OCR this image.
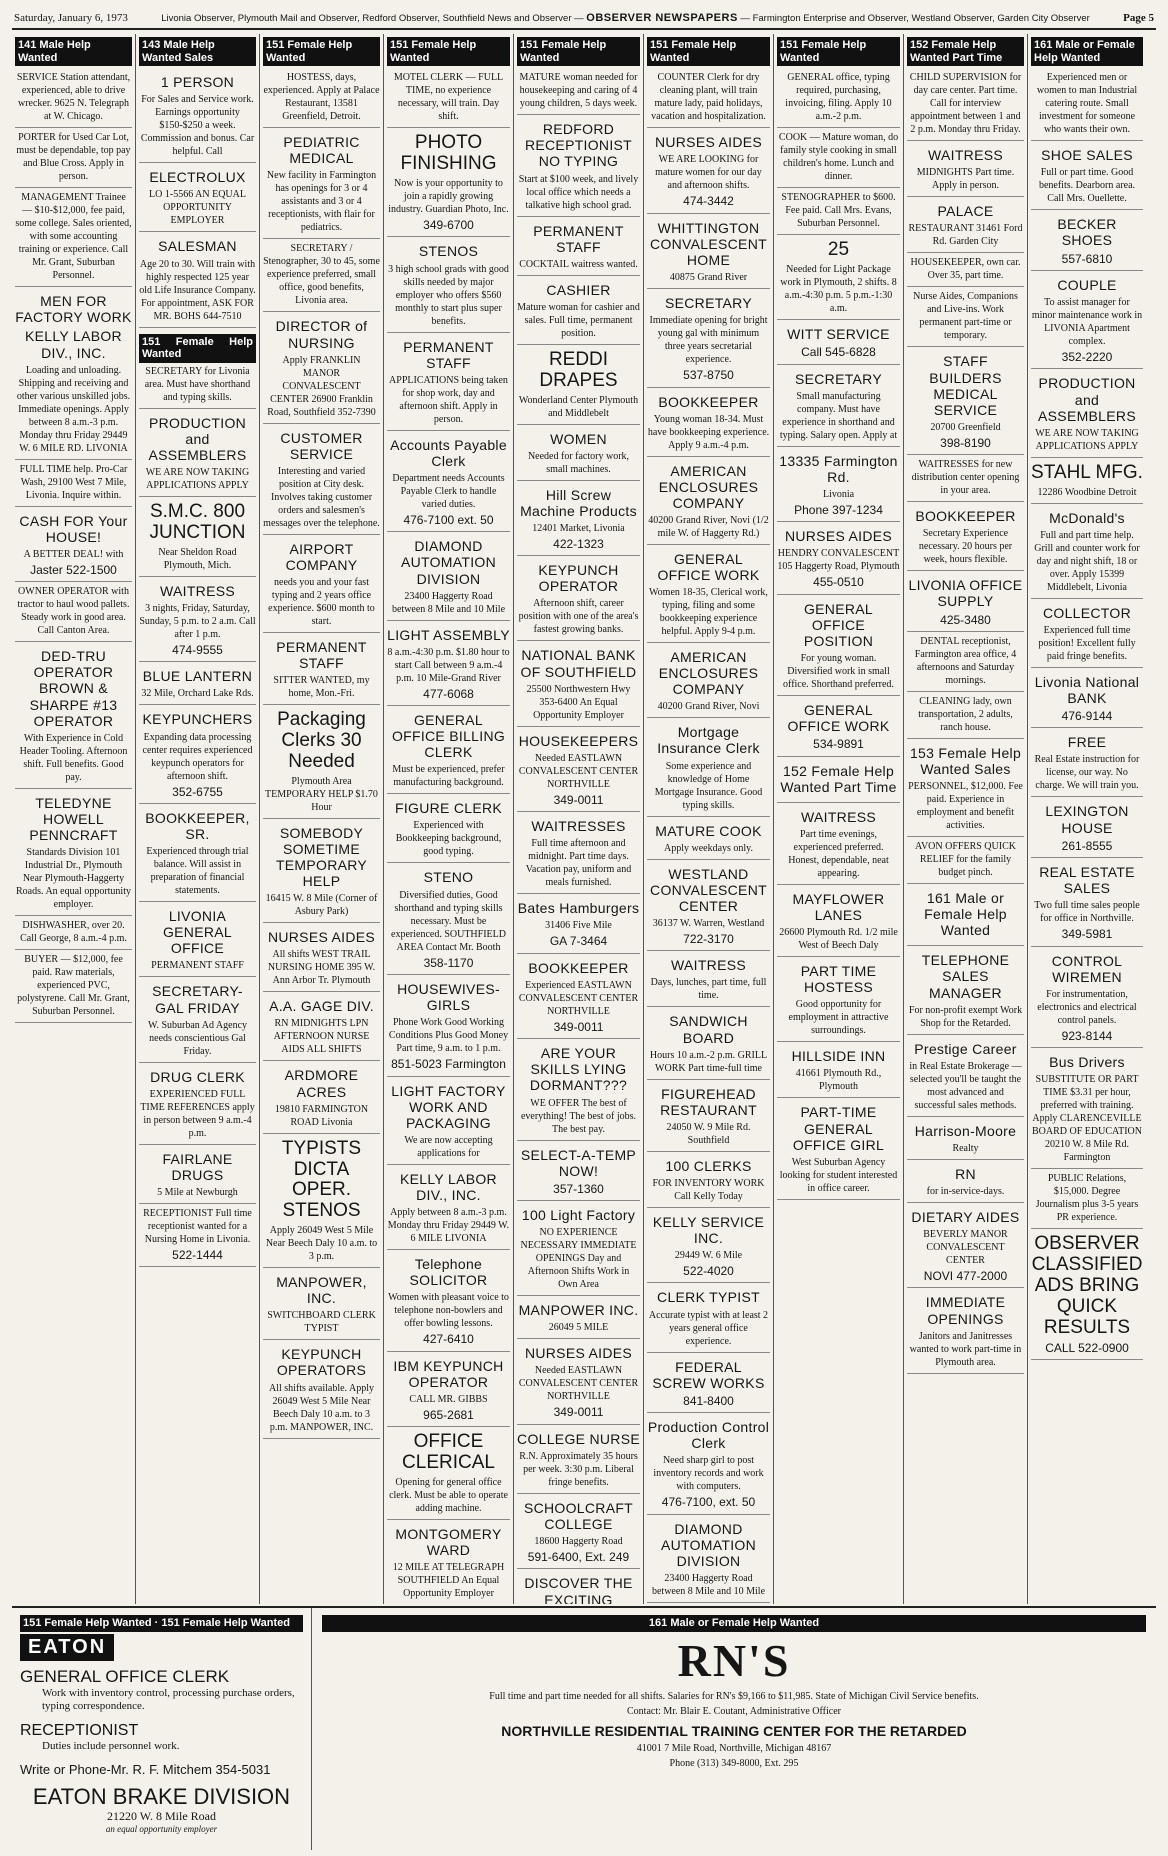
Saturday, January 6, 1973	Livonia Observer, Plymouth Mail and Observer, Redford Observer, Southfield News and Observer — OBSERVER NEWSPAPERS — Farmington Enterprise and Observer, Westland Observer, Garden City Observer	Page 5
141 Male Help Wanted
SERVICE Station attendant, experienced, able to drive wrecker. 9625 N. Telegraph at W. Chicago.
PORTER for Used Car Lot, must be dependable, top pay and Blue Cross. Apply in person.
MANAGEMENT Trainee — $10-$12,000, fee paid, some college. Sales oriented, with some accounting training or experience. Call Mr. Grant, Suburban Personnel.
MEN FOR FACTORY WORK
KELLY LABOR DIV., INC.
Loading and unloading. Shipping and receiving and other various unskilled jobs. Immediate openings. Apply between 8 a.m.-3 p.m. Monday thru Friday 29449 W. 6 MILE RD. LIVONIA
FULL TIME help. Pro-Car Wash, 29100 West 7 Mile, Livonia. Inquire within.
CASH FOR Your HOUSE!
A BETTER DEAL! with
Jaster 522-1500
OWNER OPERATOR with tractor to haul wood pallets. Steady work in good area. Call Canton Area.
DED-TRU OPERATOR BROWN & SHARPE #13 OPERATOR
With Experience in Cold Header Tooling. Afternoon shift. Full benefits. Good pay.
TELEDYNE HOWELL PENNCRAFT
Standards Division 101 Industrial Dr., Plymouth Near Plymouth-Haggerty Roads. An equal opportunity employer.
DISHWASHER, over 20. Call George, 8 a.m.-4 p.m.
BUYER — $12,000, fee paid. Raw materials, experienced PVC, polystyrene. Call Mr. Grant, Suburban Personnel.
143 Male Help Wanted Sales
1 PERSON
For Sales and Service work. Earnings opportunity $150-$250 a week. Commission and bonus. Car helpful. Call
ELECTROLUX
LO 1-5566 AN EQUAL OPPORTUNITY EMPLOYER
SALESMAN
Age 20 to 30. Will train with highly respected 125 year old Life Insurance Company. For appointment, ASK FOR MR. BOHS 644-7510
151 Female Help Wanted
SECRETARY for Livonia area. Must have shorthand and typing skills.
PRODUCTION and ASSEMBLERS
WE ARE NOW TAKING APPLICATIONS APPLY
S.M.C. 800 JUNCTION
Near Sheldon Road Plymouth, Mich.
WAITRESS
3 nights, Friday, Saturday, Sunday, 5 p.m. to 2 a.m. Call after 1 p.m.
474-9555
BLUE LANTERN
32 Mile, Orchard Lake Rds.
KEYPUNCHERS
Expanding data processing center requires experienced keypunch operators for afternoon shift.
352-6755
BOOKKEEPER, SR.
Experienced through trial balance. Will assist in preparation of financial statements.
LIVONIA GENERAL OFFICE
PERMANENT STAFF
SECRETARY-GAL FRIDAY
W. Suburban Ad Agency needs conscientious Gal Friday.
DRUG CLERK
EXPERIENCED FULL TIME REFERENCES apply in person between 9 a.m.-4 p.m.
FAIRLANE DRUGS
5 Mile at Newburgh
RECEPTIONIST Full time receptionist wanted for a Nursing Home in Livonia.
522-1444
151 Female Help Wanted
HOSTESS, days, experienced. Apply at Palace Restaurant, 13581 Greenfield, Detroit.
PEDIATRIC MEDICAL
New facility in Farmington has openings for 3 or 4 assistants and 3 or 4 receptionists, with flair for pediatrics.
SECRETARY / Stenographer, 30 to 45, some experience preferred, small office, good benefits, Livonia area.
DIRECTOR of NURSING
Apply FRANKLIN MANOR CONVALESCENT CENTER 26900 Franklin Road, Southfield 352-7390
CUSTOMER SERVICE
Interesting and varied position at City desk. Involves taking customer orders and salesmen's messages over the telephone.
AIRPORT COMPANY
needs you and your fast typing and 2 years office experience. $600 month to start.
PERMANENT STAFF
SITTER WANTED, my home, Mon.-Fri.
Packaging Clerks 30 Needed
Plymouth Area TEMPORARY HELP $1.70 Hour
SOMEBODY SOMETIME TEMPORARY HELP
16415 W. 8 Mile (Corner of Asbury Park)
NURSES AIDES
All shifts WEST TRAIL NURSING HOME 395 W. Ann Arbor Tr. Plymouth
A.A. GAGE DIV.
RN MIDNIGHTS LPN AFTERNOON NURSE AIDS ALL SHIFTS
ARDMORE ACRES
19810 FARMINGTON ROAD Livonia
TYPISTS DICTA OPER. STENOS
Apply 26049 West 5 Mile Near Beech Daly 10 a.m. to 3 p.m.
MANPOWER, INC.
SWITCHBOARD CLERK TYPIST
KEYPUNCH OPERATORS
All shifts available. Apply 26049 West 5 Mile Near Beech Daly 10 a.m. to 3 p.m. MANPOWER, INC.
151 Female Help Wanted
MOTEL CLERK — FULL TIME, no experience necessary, will train. Day shift.
PHOTO FINISHING
Now is your opportunity to join a rapidly growing industry. Guardian Photo, Inc.
349-6700
STENOS
3 high school grads with good skills needed by major employer who offers $560 monthly to start plus super benefits.
PERMANENT STAFF
APPLICATIONS being taken for shop work, day and afternoon shift. Apply in person.
Accounts Payable Clerk
Department needs Accounts Payable Clerk to handle varied duties.
476-7100 ext. 50
DIAMOND AUTOMATION DIVISION
23400 Haggerty Road between 8 Mile and 10 Mile
LIGHT ASSEMBLY
8 a.m.-4:30 p.m. $1.80 hour to start Call between 9 a.m.-4 p.m. 10 Mile-Grand River
477-6068
GENERAL OFFICE BILLING CLERK
Must be experienced, prefer manufacturing background.
FIGURE CLERK
Experienced with Bookkeeping background, good typing.
STENO
Diversified duties, Good shorthand and typing skills necessary. Must be experienced. SOUTHFIELD AREA Contact Mr. Booth
358-1170
HOUSEWIVES-GIRLS
Phone Work Good Working Conditions Plus Good Money Part time, 9 a.m. to 1 p.m.
851-5023 Farmington
LIGHT FACTORY WORK AND PACKAGING
We are now accepting applications for
KELLY LABOR DIV., INC.
Apply between 8 a.m.-3 p.m. Monday thru Friday 29449 W. 6 MILE LIVONIA
Telephone SOLICITOR
Women with pleasant voice to telephone non-bowlers and offer bowling lessons.
427-6410
IBM KEYPUNCH OPERATOR
CALL MR. GIBBS
965-2681
OFFICE CLERICAL
Opening for general office clerk. Must be able to operate adding machine.
MONTGOMERY WARD
12 MILE AT TELEGRAPH SOUTHFIELD An Equal Opportunity Employer
151 Female Help Wanted
MATURE woman needed for housekeeping and caring of 4 young children, 5 days week.
REDFORD RECEPTIONIST NO TYPING
Start at $100 week, and lively local office which needs a talkative high school grad.
PERMANENT STAFF
COCKTAIL waitress wanted.
CASHIER
Mature woman for cashier and sales. Full time, permanent position.
REDDI DRAPES
Wonderland Center Plymouth and Middlebelt
WOMEN
Needed for factory work, small machines.
Hill Screw Machine Products
12401 Market, Livonia
422-1323
KEYPUNCH OPERATOR
Afternoon shift, career position with one of the area's fastest growing banks.
NATIONAL BANK OF SOUTHFIELD
25500 Northwestern Hwy 353-6400 An Equal Opportunity Employer
HOUSEKEEPERS
Needed EASTLAWN CONVALESCENT CENTER NORTHVILLE
349-0011
WAITRESSES
Full time afternoon and midnight. Part time days. Vacation pay, uniform and meals furnished.
Bates Hamburgers
31406 Five Mile
GA 7-3464
BOOKKEEPER
Experienced EASTLAWN CONVALESCENT CENTER NORTHVILLE
349-0011
ARE YOUR SKILLS LYING DORMANT???
WE OFFER The best of everything! The best of jobs. The best pay.
SELECT-A-TEMP NOW!
357-1360
100 Light Factory
NO EXPERIENCE NECESSARY IMMEDIATE OPENINGS Day and Afternoon Shifts Work in Own Area
MANPOWER INC.
26049 5 MILE
NURSES AIDES
Needed EASTLAWN CONVALESCENT CENTER NORTHVILLE
349-0011
COLLEGE NURSE
R.N. Approximately 35 hours per week. 3:30 p.m. Liberal fringe benefits.
SCHOOLCRAFT COLLEGE
18600 Haggerty Road
591-6400, Ext. 249
DISCOVER THE EXCITING
151 Female Help Wanted
COUNTER Clerk for dry cleaning plant, will train mature lady, paid holidays, vacation and hospitalization.
NURSES AIDES
WE ARE LOOKING for mature women for our day and afternoon shifts.
474-3442
WHITTINGTON CONVALESCENT HOME
40875 Grand River
SECRETARY
Immediate opening for bright young gal with minimum three years secretarial experience.
537-8750
BOOKKEEPER
Young woman 18-34. Must have bookkeeping experience. Apply 9 a.m.-4 p.m.
AMERICAN ENCLOSURES COMPANY
40200 Grand River, Novi (1/2 mile W. of Haggerty Rd.)
GENERAL OFFICE WORK
Women 18-35, Clerical work, typing, filing and some bookkeeping experience helpful. Apply 9-4 p.m.
AMERICAN ENCLOSURES COMPANY
40200 Grand River, Novi
Mortgage Insurance Clerk
Some experience and knowledge of Home Mortgage Insurance. Good typing skills.
MATURE COOK
Apply weekdays only.
WESTLAND CONVALESCENT CENTER
36137 W. Warren, Westland
722-3170
WAITRESS
Days, lunches, part time, full time.
SANDWICH BOARD
Hours 10 a.m.-2 p.m. GRILL WORK Part time-full time
FIGUREHEAD RESTAURANT
24050 W. 9 Mile Rd. Southfield
100 CLERKS
FOR INVENTORY WORK Call Kelly Today
KELLY SERVICE INC.
29449 W. 6 Mile
522-4020
CLERK TYPIST
Accurate typist with at least 2 years general office experience.
FEDERAL SCREW WORKS
841-8400
Production Control Clerk
Need sharp girl to post inventory records and work with computers.
476-7100, ext. 50
DIAMOND AUTOMATION DIVISION
23400 Haggerty Road between 8 Mile and 10 Mile
151 Female Help Wanted
GENERAL office, typing required, purchasing, invoicing, filing. Apply 10 a.m.-2 p.m.
COOK — Mature woman, do family style cooking in small children's home. Lunch and dinner.
STENOGRAPHER to $600. Fee paid. Call Mrs. Evans, Suburban Personnel.
25
Needed for Light Package work in Plymouth, 2 shifts. 8 a.m.-4:30 p.m. 5 p.m.-1:30 a.m.
WITT SERVICE
Call 545-6828
SECRETARY
Small manufacturing company. Must have experience in shorthand and typing. Salary open. Apply at
13335 Farmington Rd.
Livonia
Phone 397-1234
NURSES AIDES
HENDRY CONVALESCENT 105 Haggerty Road, Plymouth
455-0510
GENERAL OFFICE POSITION
For young woman. Diversified work in small office. Shorthand preferred.
GENERAL OFFICE WORK
534-9891
152 Female Help Wanted Part Time
WAITRESS
Part time evenings, experienced preferred. Honest, dependable, neat appearing.
MAYFLOWER LANES
26600 Plymouth Rd. 1/2 mile West of Beech Daly
PART TIME HOSTESS
Good opportunity for employment in attractive surroundings.
HILLSIDE INN
41661 Plymouth Rd., Plymouth
PART-TIME GENERAL OFFICE GIRL
West Suburban Agency looking for student interested in office career.
152 Female Help Wanted Part Time
CHILD SUPERVISION for day care center. Part time. Call for interview appointment between 1 and 2 p.m. Monday thru Friday.
WAITRESS
MIDNIGHTS Part time. Apply in person.
PALACE
RESTAURANT 31461 Ford Rd. Garden City
HOUSEKEEPER, own car. Over 35, part time.
Nurse Aides, Companions and Live-ins. Work permanent part-time or temporary.
STAFF BUILDERS MEDICAL SERVICE
20700 Greenfield
398-8190
WAITRESSES for new distribution center opening in your area.
BOOKKEEPER
Secretary Experience necessary. 20 hours per week, hours flexible.
LIVONIA OFFICE SUPPLY
425-3480
DENTAL receptionist, Farmington area office, 4 afternoons and Saturday mornings.
CLEANING lady, own transportation, 2 adults, ranch house.
153 Female Help Wanted Sales
PERSONNEL, $12,000. Fee paid. Experience in employment and benefit activities.
AVON OFFERS QUICK RELIEF for the family budget pinch.
161 Male or Female Help Wanted
TELEPHONE SALES MANAGER
For non-profit exempt Work Shop for the Retarded.
Prestige Career
in Real Estate Brokerage — selected you'll be taught the most advanced and successful sales methods.
Harrison-Moore
Realty
RN
for in-service-days.
DIETARY AIDES
BEVERLY MANOR CONVALESCENT CENTER
NOVI 477-2000
IMMEDIATE OPENINGS
Janitors and Janitresses wanted to work part-time in Plymouth area.
161 Male or Female Help Wanted
Experienced men or women to man Industrial catering route. Small investment for someone who wants their own.
SHOE SALES
Full or part time. Good benefits. Dearborn area. Call Mrs. Ouellette.
BECKER SHOES
557-6810
COUPLE
To assist manager for minor maintenance work in LIVONIA Apartment complex.
352-2220
PRODUCTION and ASSEMBLERS
WE ARE NOW TAKING APPLICATIONS APPLY
STAHL MFG.
12286 Woodbine Detroit
McDonald's
Full and part time help. Grill and counter work for day and night shift, 18 or over. Apply 15399 Middlebelt, Livonia
COLLECTOR
Experienced full time position! Excellent fully paid fringe benefits.
Livonia National BANK
476-9144
FREE
Real Estate instruction for license, our way. No charge. We will train you.
LEXINGTON HOUSE
261-8555
REAL ESTATE SALES
Two full time sales people for office in Northville.
349-5981
CONTROL WIREMEN
For instrumentation, electronics and electrical control panels.
923-8144
Bus Drivers
SUBSTITUTE OR PART TIME $3.31 per hour, preferred with training. Apply CLARENCEVILLE BOARD OF EDUCATION 20210 W. 8 Mile Rd. Farmington
PUBLIC Relations, $15,000. Degree Journalism plus 3-5 years PR experience.
OBSERVER CLASSIFIED ADS BRING QUICK RESULTS
CALL 522-0900
151 Female Help Wanted · 151 Female Help Wanted
EATON
GENERAL OFFICE CLERK
Work with inventory control, processing purchase orders, typing correspondence.
RECEPTIONIST
Duties include personnel work.
Write or Phone-Mr. R. F. Mitchem 354-5031
EATON BRAKE DIVISION
21220 W. 8 Mile Road
an equal opportunity employer
161 Male or Female Help Wanted
RN'S

Full time and part time needed for all shifts. Salaries for RN's $9,166 to $11,985. State of Michigan Civil Service benefits.

Contact: Mr. Blair E. Coutant, Administrative Officer

NORTHVILLE RESIDENTIAL TRAINING CENTER FOR THE RETARDED

41001 7 Mile Road, Northville, Michigan 48167

Phone (313) 349-8000, Ext. 295
